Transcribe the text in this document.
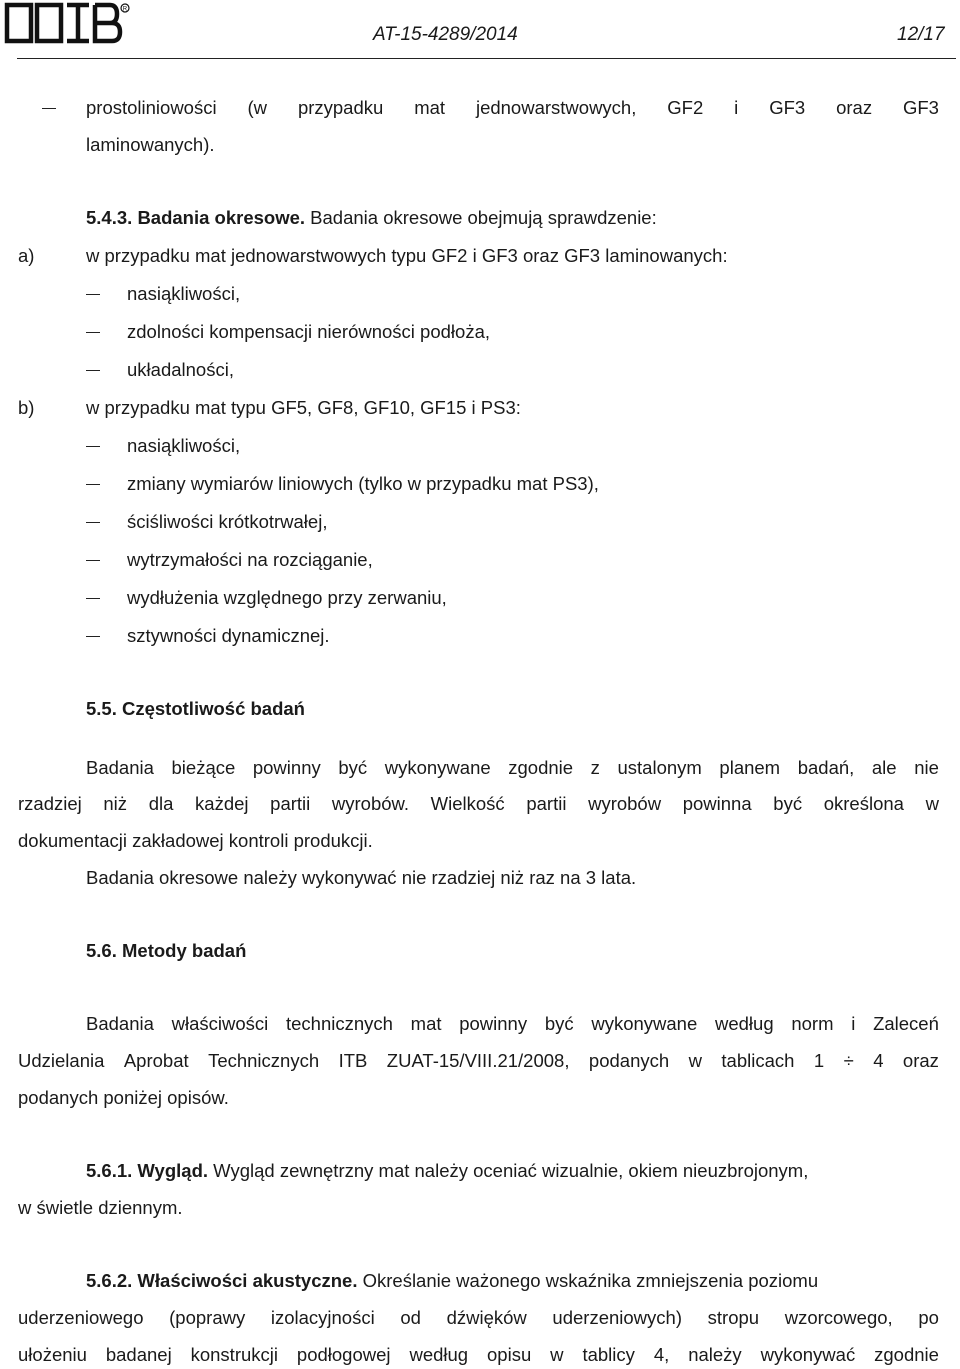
R
AT-15-4289/2014	12/17
prostoliniowości (w przypadku mat jednowarstwowych, GF2 i GF3 oraz GF3
laminowanych).
5.4.3. Badania okresowe. Badania okresowe obejmują sprawdzenie:
a)	w przypadku mat jednowarstwowych typu GF2 i GF3 oraz GF3 laminowanych:
nasiąkliwości,
zdolności kompensacji nierówności podłoża,
układalności,
b)	w przypadku mat typu GF5, GF8, GF10, GF15 i PS3:
nasiąkliwości,
zmiany wymiarów liniowych (tylko w przypadku mat PS3),
ściśliwości krótkotrwałej,
wytrzymałości na rozciąganie,
wydłużenia względnego przy zerwaniu,
sztywności dynamicznej.
5.5. Częstotliwość badań
Badania bieżące powinny być wykonywane zgodnie z ustalonym planem badań, ale nie
rzadziej niż dla każdej partii wyrobów. Wielkość partii wyrobów powinna być określona w
dokumentacji zakładowej kontroli produkcji.
Badania okresowe należy wykonywać nie rzadziej niż raz na 3 lata.
5.6. Metody badań
Badania właściwości technicznych mat powinny być wykonywane według norm i Zaleceń
Udzielania Aprobat Technicznych ITB ZUAT-15/VIII.21/2008, podanych w tablicach 1 ÷ 4 oraz
podanych poniżej opisów.
5.6.1. Wygląd. Wygląd zewnętrzny mat należy oceniać wizualnie, okiem nieuzbrojonym,
w świetle dziennym.
5.6.2. Właściwości akustyczne. Określanie ważonego wskaźnika zmniejszenia poziomu
uderzeniowego (poprawy izolacyjności od dźwięków uderzeniowych) stropu wzorcowego, po
ułożeniu badanej konstrukcji podłogowej według opisu w tablicy 4, należy wykonywać zgodnie
